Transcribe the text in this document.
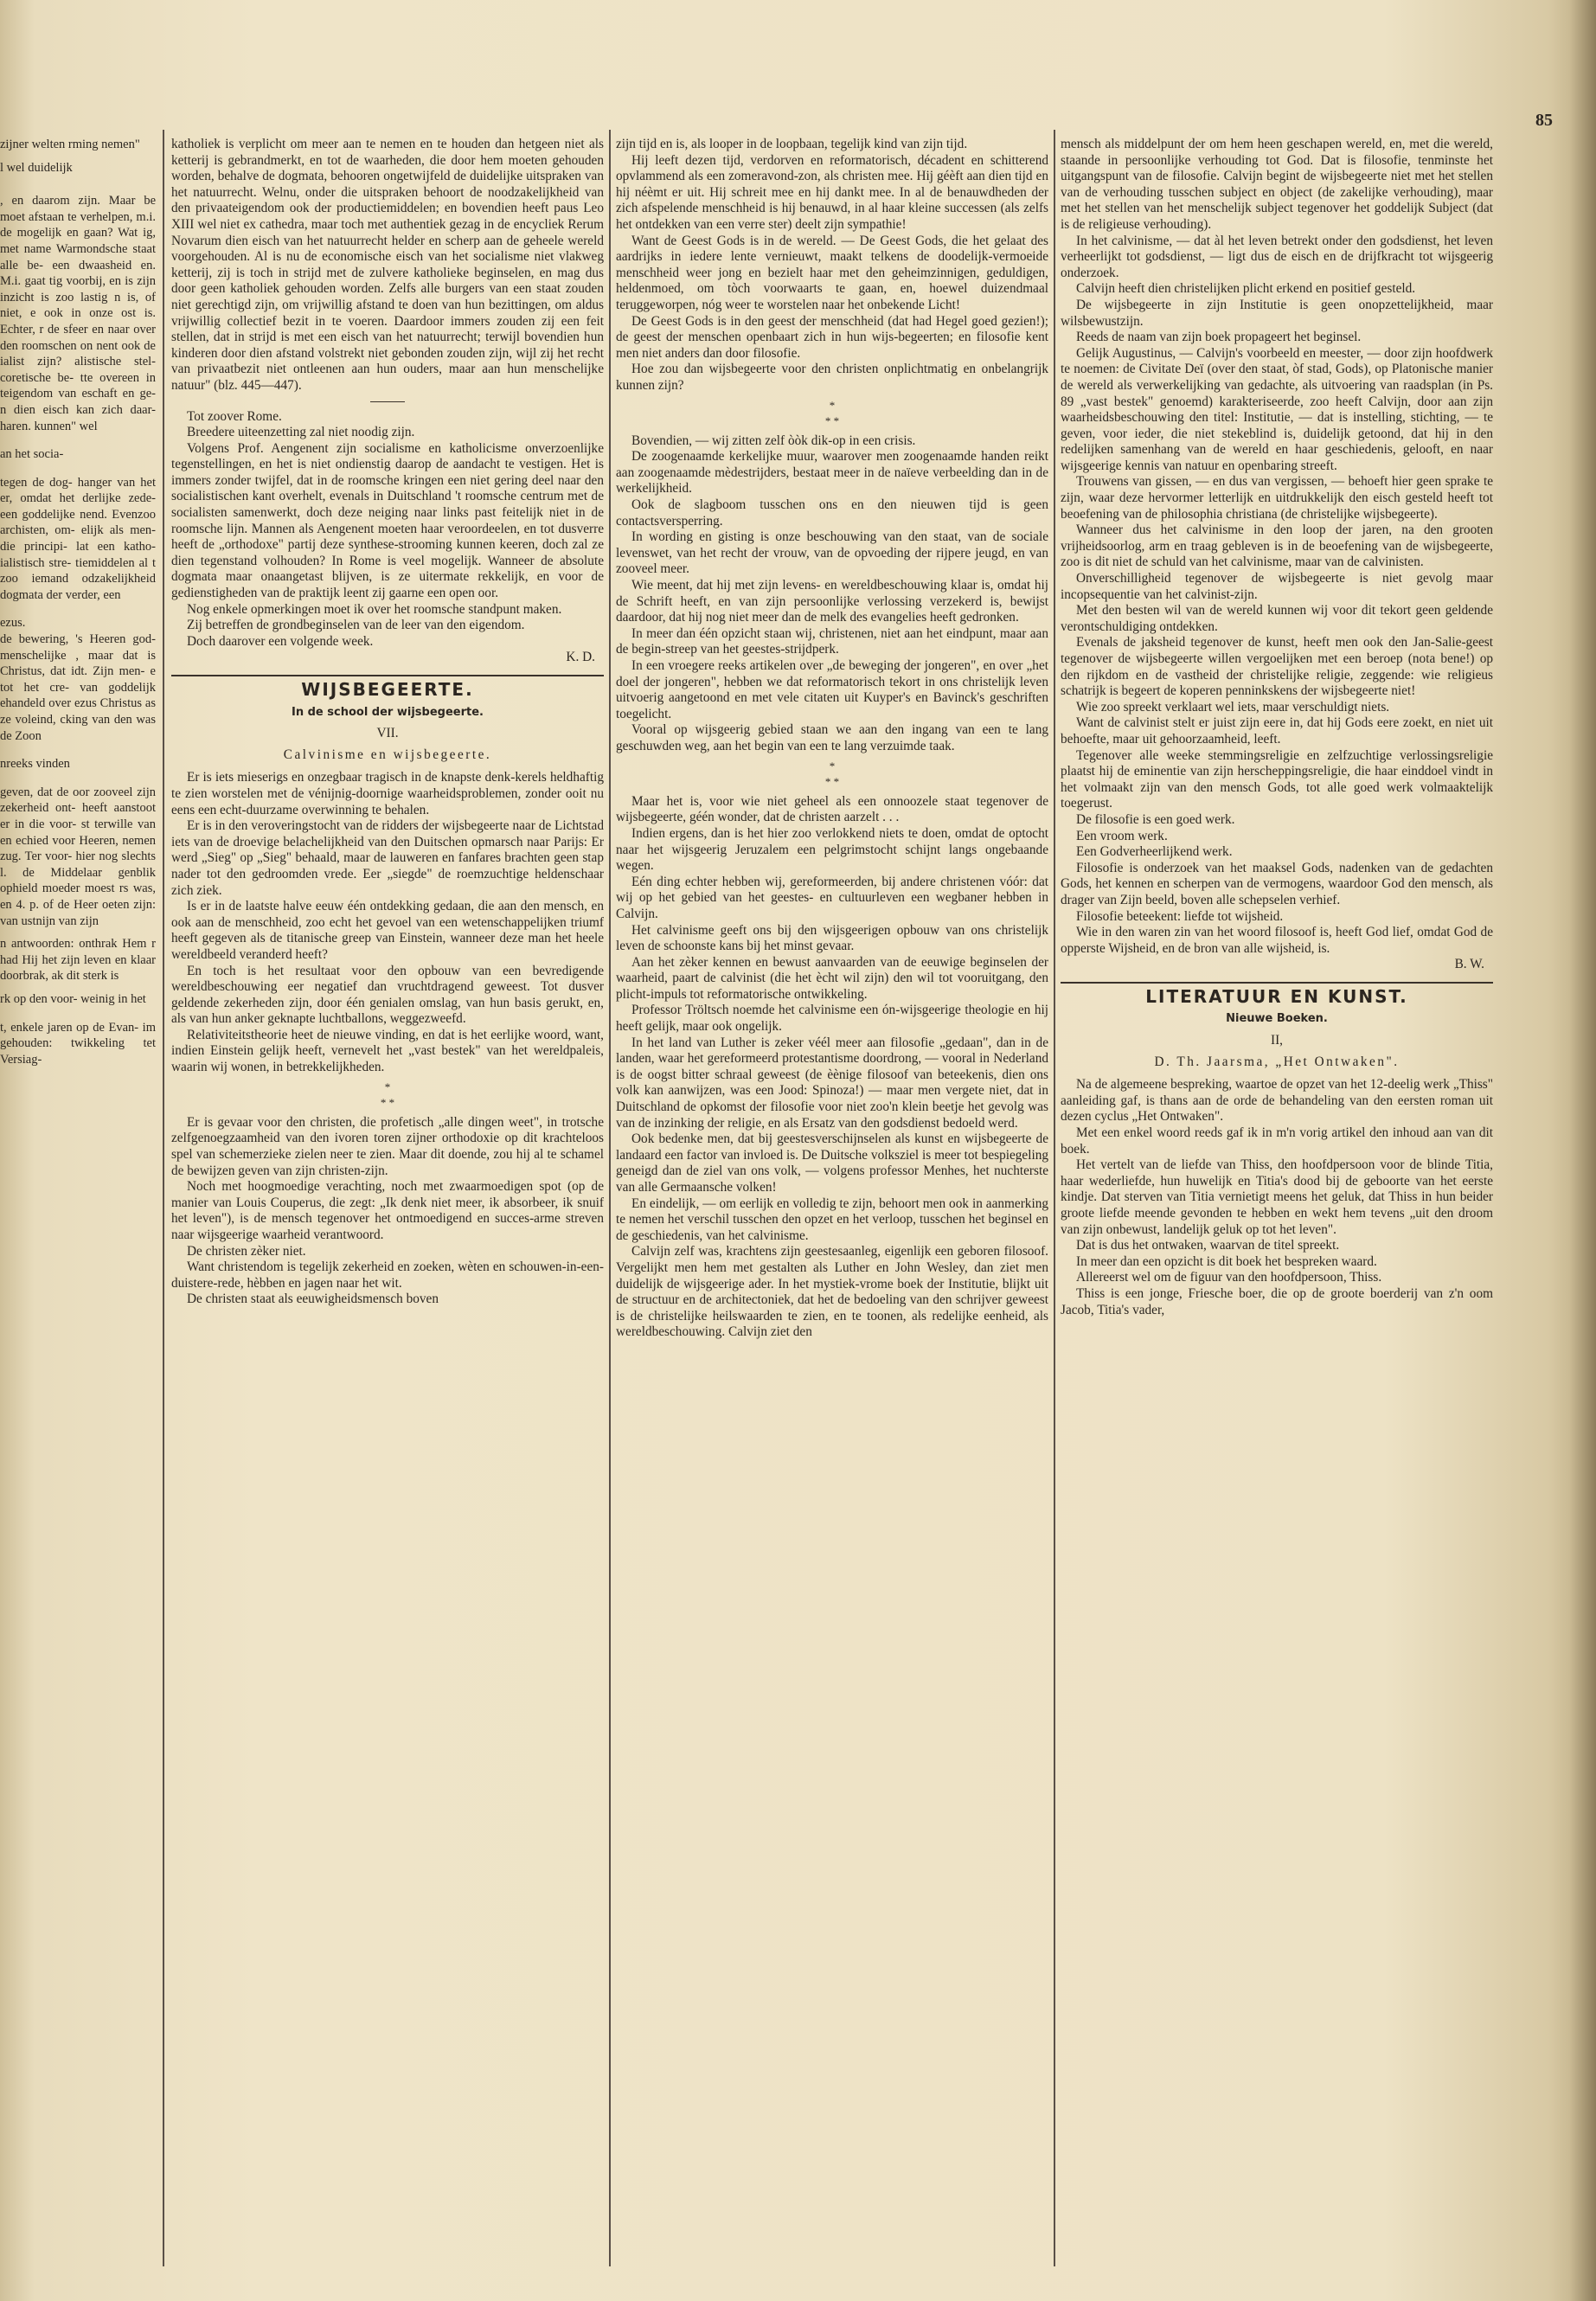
85

zijner welten rming nemen"

l wel duidelijk

, en daarom zijn. Maar be moet afstaan te verhelpen, m.i. de mogelijk en gaan? Wat ig, met name Warmondsche staat alle be- een dwaasheid en. M.i. gaat tig voorbij, en is zijn inzicht is zoo lastig n is, of niet, e ook in onze ost is. Echter, r de sfeer en naar over den roomschen on nent ook de ialist zijn? alistische stel- coretische be- tte overeen in teigendom van eschaft en ge- n dien eisch kan zich daar- haren. kunnen" wel

an het socia-

tegen de dog- hanger van het er, omdat het derlijke zede- een goddelijke nend. Evenzoo archisten, om- elijk als men- die principi- lat een katho- ialistisch stre- tiemiddelen al t zoo iemand odzakelijkheid dogmata der verder, een

ezus.

de bewering, 's Heeren god- menschelijke , maar dat is Christus, dat idt. Zijn men- e tot het cre- van goddelijk ehandeld over ezus Christus as ze voleind, cking van den was de Zoon

nreeks vinden

geven, dat de oor zooveel zijn zekerheid ont- heeft aanstoot er in die voor- st terwille van en echied voor Heeren, nemen zug. Ter voor- hier nog slechts l. de Middelaar genblik ophield moeder moest rs was, en 4. p. of de Heer oeten zijn: van ustnijn van zijn

n antwoorden: onthrak Hem r had Hij het zijn leven en klaar doorbrak, ak dit sterk is

rk op den voor- weinig in het

t, enkele jaren op de Evan- im gehouden: twikkeling tet Versiag-

katholiek is verplicht om meer aan te nemen en te houden dan hetgeen niet als ketterij is gebrandmerkt, en tot de waarheden, die door hem moeten gehouden worden, behalve de dogmata, behooren ongetwijfeld de duidelijke uitspraken van het natuurrecht. Welnu, onder die uitspraken behoort de noodzakelijkheid van den privaateigendom ook der productiemiddelen; en bovendien heeft paus Leo XIII wel niet ex cathedra, maar toch met authentiek gezag in de encycliek Rerum Novarum dien eisch van het natuurrecht helder en scherp aan de geheele wereld voorgehouden. Al is nu de economische eisch van het socialisme niet vlakweg ketterij, zij is toch in strijd met de zulvere katholieke beginselen, en mag dus door geen katholiek gehouden worden. Zelfs alle burgers van een staat zouden niet gerechtigd zijn, om vrijwillig afstand te doen van hun bezittingen, om aldus vrijwillig collectief bezit in te voeren. Daardoor immers zouden zij een feit stellen, dat in strijd is met een eisch van het natuurrecht; terwijl bovendien hun kinderen door dien afstand volstrekt niet gebonden zouden zijn, wijl zij het recht van privaatbezit niet ontleenen aan hun ouders, maar aan hun menschelijke natuur" (blz. 445—447).

Tot zoover Rome.

Breedere uiteenzetting zal niet noodig zijn.

Volgens Prof. Aengenent zijn socialisme en katholicisme onverzoenlijke tegenstellingen, en het is niet ondienstig daarop de aandacht te vestigen. Het is immers zonder twijfel, dat in de roomsche kringen een niet gering deel naar den socialistischen kant overhelt, evenals in Duitschland 't roomsche centrum met de socialisten samenwerkt, doch deze neiging naar links past feitelijk niet in de roomsche lijn. Mannen als Aengenent moeten haar veroordeelen, en tot dusverre heeft de „orthodoxe" partij deze synthese-strooming kunnen keeren, doch zal ze dien tegenstand volhouden? In Rome is veel mogelijk. Wanneer de absolute dogmata maar onaangetast blijven, is ze uitermate rekkelijk, en voor de gedienstigheden van de praktijk leent zij gaarne een open oor.

Nog enkele opmerkingen moet ik over het roomsche standpunt maken.

Zij betreffen de grondbeginselen van de leer van den eigendom.

Doch daarover een volgende week.

K. D.
WIJSBEGEERTE.
In de school der wijsbegeerte.
VII.
Calvinisme en wijsbegeerte.

Er is iets mieserigs en onzegbaar tragisch in de knapste denk-kerels heldhaftig te zien worstelen met de vénijnig-doornige waarheidsproblemen, zonder ooit nu eens een echt-duurzame overwinning te behalen.

Er is in den veroveringstocht van de ridders der wijsbegeerte naar de Lichtstad iets van de droevige belachelijkheid van den Duitschen opmarsch naar Parijs: Er werd „Sieg" op „Sieg" behaald, maar de lauweren en fanfares brachten geen stap nader tot den gedroomden vrede. Eer „siegde" de roemzuchtige heldenschaar zich ziek.

Is er in de laatste halve eeuw één ontdekking gedaan, die aan den mensch, en ook aan de menschheid, zoo echt het gevoel van een wetenschappelijken triumf heeft gegeven als de titanische greep van Einstein, wanneer deze man het heele wereldbeeld veranderd heeft?

En toch is het resultaat voor den opbouw van een bevredigende wereldbeschouwing eer negatief dan vruchtdragend geweest. Tot dusver geldende zekerheden zijn, door één genialen omslag, van hun basis gerukt, en, als van hun anker geknapte luchtballons, weggezweefd.

Relativiteitstheorie heet de nieuwe vinding, en dat is het eerlijke woord, want, indien Einstein gelijk heeft, vernevelt het „vast bestek" van het wereldpaleis, waarin wij wonen, in betrekkelijkheden.

*
* *

Er is gevaar voor den christen, die profetisch „alle dingen weet", in trotsche zelfgenoegzaamheid van den ivoren toren zijner orthodoxie op dit krachteloos spel van schemerzieke zielen neer te zien. Maar dit doende, zou hij al te schamel de bewijzen geven van zijn christen-zijn.

Noch met hoogmoedige verachting, noch met zwaarmoedigen spot (op de manier van Louis Couperus, die zegt: „Ik denk niet meer, ik absorbeer, ik snuif het leven"), is de mensch tegenover het ontmoedigend en succes-arme streven naar wijsgeerige waarheid verantwoord.

De christen zèker niet.

Want christendom is tegelijk zekerheid en zoeken, wèten en schouwen-in-een-duistere-rede, hèbben en jagen naar het wit.

De christen staat als eeuwigheidsmensch boven

zijn tijd en is, als looper in de loopbaan, tegelijk kind van zijn tijd.

Hij leeft dezen tijd, verdorven en reformatorisch, décadent en schitterend opvlammend als een zomeravond-zon, als christen mee. Hij géèft aan dien tijd en hij néèmt er uit. Hij schreit mee en hij dankt mee. In al de benauwdheden der zich afspelende menschheid is hij benauwd, in al haar kleine successen (als zelfs het ontdekken van een verre ster) deelt zijn sympathie!

Want de Geest Gods is in de wereld. — De Geest Gods, die het gelaat des aardrijks in iedere lente vernieuwt, maakt telkens de doodelijk-vermoeide menschheid weer jong en bezielt haar met den geheimzinnigen, geduldigen, heldenmoed, om tòch voorwaarts te gaan, en, hoewel duizendmaal teruggeworpen, nóg weer te worstelen naar het onbekende Licht!

De Geest Gods is in den geest der menschheid (dat had Hegel goed gezien!); de geest der menschen openbaart zich in hun wijs-begeerten; en filosofie kent men niet anders dan door filosofie.

Hoe zou dan wijsbegeerte voor den christen onplichtmatig en onbelangrijk kunnen zijn?

*
* *

Bovendien, — wij zitten zelf òòk dik-op in een crisis.

De zoogenaamde kerkelijke muur, waarover men zoogenaamde handen reikt aan zoogenaamde mèdestrijders, bestaat meer in de naïeve verbeelding dan in de werkelijkheid.

Ook de slagboom tusschen ons en den nieuwen tijd is geen contactsversperring.

In wording en gisting is onze beschouwing van den staat, van de sociale levenswet, van het recht der vrouw, van de opvoeding der rijpere jeugd, en van zooveel meer.

Wie meent, dat hij met zijn levens- en wereldbeschouwing klaar is, omdat hij de Schrift heeft, en van zijn persoonlijke verlossing verzekerd is, bewijst daardoor, dat hij nog niet meer dan de melk des evangelies heeft gedronken.

In meer dan één opzicht staan wij, christenen, niet aan het eindpunt, maar aan de begin-streep van het geestes-strijdperk.

In een vroegere reeks artikelen over „de beweging der jongeren", en over „het doel der jongeren", hebben we dat reformatorisch tekort in ons christelijk leven uitvoerig aangetoond en met vele citaten uit Kuyper's en Bavinck's geschriften toegelicht.

Vooral op wijsgeerig gebied staan we aan den ingang van een te lang geschuwden weg, aan het begin van een te lang verzuimde taak.

*
* *

Maar het is, voor wie niet geheel als een onnoozele staat tegenover de wijsbegeerte, géén wonder, dat de christen aarzelt . . .

Indien ergens, dan is het hier zoo verlokkend niets te doen, omdat de optocht naar het wijsgeerig Jeruzalem een pelgrimstocht schijnt langs ongebaande wegen.

Eén ding echter hebben wij, gereformeerden, bij andere christenen vóór: dat wij op het gebied van het geestes- en cultuurleven een wegbaner hebben in Calvijn.

Het calvinisme geeft ons bij den wijsgeerigen opbouw van ons christelijk leven de schoonste kans bij het minst gevaar.

Aan het zèker kennen en bewust aanvaarden van de eeuwige beginselen der waarheid, paart de calvinist (die het ècht wil zijn) den wil tot vooruitgang, den plicht-impuls tot reformatorische ontwikkeling.

Professor Tröltsch noemde het calvinisme een ón-wijsgeerige theologie en hij heeft gelijk, maar ook ongelijk.

In het land van Luther is zeker véél meer aan filosofie „gedaan", dan in de landen, waar het gereformeerd protestantisme doordrong, — vooral in Nederland is de oogst bitter schraal geweest (de èènige filosoof van beteekenis, dien ons volk kan aanwijzen, was een Jood: Spinoza!) — maar men vergete niet, dat in Duitschland de opkomst der filosofie voor niet zoo'n klein beetje het gevolg was van de inzinking der religie, en als Ersatz van den godsdienst bedoeld werd.

Ook bedenke men, dat bij geestesverschijnselen als kunst en wijsbegeerte de landaard een factor van invloed is. De Duitsche volksziel is meer tot bespiegeling geneigd dan de ziel van ons volk, — volgens professor Menhes, het nuchterste van alle Germaansche volken!

En eindelijk, — om eerlijk en volledig te zijn, behoort men ook in aanmerking te nemen het verschil tusschen den opzet en het verloop, tusschen het beginsel en de geschiedenis, van het calvinisme.

Calvijn zelf was, krachtens zijn geestesaanleg, eigenlijk een geboren filosoof. Vergelijkt men hem met gestalten als Luther en John Wesley, dan ziet men duidelijk de wijsgeerige ader. In het mystiek-vrome boek der Institutie, blijkt uit de structuur en de architectoniek, dat het de bedoeling van den schrijver geweest is de christelijke heilswaarden te zien, en te toonen, als redelijke eenheid, als wereldbeschouwing. Calvijn ziet den

mensch als middelpunt der om hem heen geschapen wereld, en, met die wereld, staande in persoonlijke verhouding tot God. Dat is filosofie, tenminste het uitgangspunt van de filosofie. Calvijn begint de wijsbegeerte niet met het stellen van de verhouding tusschen subject en object (de zakelijke verhouding), maar met het stellen van het menschelijk subject tegenover het goddelijk Subject (dat is de religieuse verhouding).

In het calvinisme, — dat àl het leven betrekt onder den godsdienst, het leven verheerlijkt tot godsdienst, — ligt dus de eisch en de drijfkracht tot wijsgeerig onderzoek.

Calvijn heeft dien christelijken plicht erkend en positief gesteld.

De wijsbegeerte in zijn Institutie is geen onopzettelijkheid, maar wilsbewustzijn.

Reeds de naam van zijn boek propageert het beginsel.

Gelijk Augustinus, — Calvijn's voorbeeld en meester, — door zijn hoofdwerk te noemen: de Civitate Deï (over den staat, òf stad, Gods), op Platonische manier de wereld als verwerkelijking van gedachte, als uitvoering van raadsplan (in Ps. 89 „vast bestek" genoemd) karakteriseerde, zoo heeft Calvijn, door aan zijn waarheidsbeschouwing den titel: Institutie, — dat is instelling, stichting, — te geven, voor ieder, die niet stekeblind is, duidelijk getoond, dat hij in den redelijken samenhang van de wereld en haar geschiedenis, gelooft, en naar wijsgeerige kennis van natuur en openbaring streeft.

Trouwens van gissen, — en dus van vergissen, — behoeft hier geen sprake te zijn, waar deze hervormer letterlijk en uitdrukkelijk den eisch gesteld heeft tot beoefening van de philosophia christiana (de christelijke wijsbegeerte).

Wanneer dus het calvinisme in den loop der jaren, na den grooten vrijheidsoorlog, arm en traag gebleven is in de beoefening van de wijsbegeerte, zoo is dit niet de schuld van het calvinisme, maar van de calvinisten.

Onverschilligheid tegenover de wijsbegeerte is niet gevolg maar incopsequentie van het calvinist-zijn.

Met den besten wil van de wereld kunnen wij voor dit tekort geen geldende verontschuldiging ontdekken.

Evenals de jaksheid tegenover de kunst, heeft men ook den Jan-Salie-geest tegenover de wijsbegeerte willen vergoelijken met een beroep (nota bene!) op den rijkdom en de vastheid der christelijke religie, zeggende: wie religieus schatrijk is begeert de koperen penninkskens der wijsbegeerte niet!

Wie zoo spreekt verklaart wel iets, maar verschuldigt niets.

Want de calvinist stelt er juist zijn eere in, dat hij Gods eere zoekt, en niet uit behoefte, maar uit gehoorzaamheid, leeft.

Tegenover alle weeke stemmingsreligie en zelfzuchtige verlossingsreligie plaatst hij de eminentie van zijn herscheppingsreligie, die haar einddoel vindt in het volmaakt zijn van den mensch Gods, tot alle goed werk volmaaktelijk toegerust.

De filosofie is een goed werk.

Een vroom werk.

Een Godverheerlijkend werk.

Filosofie is onderzoek van het maaksel Gods, nadenken van de gedachten Gods, het kennen en scherpen van de vermogens, waardoor God den mensch, als drager van Zijn beeld, boven alle schepselen verhief.

Filosofie beteekent: liefde tot wijsheid.

Wie in den waren zin van het woord filosoof is, heeft God lief, omdat God de opperste Wijsheid, en de bron van alle wijsheid, is.

B. W.
LITERATUUR EN KUNST.
Nieuwe Boeken.
II,
D. Th. Jaarsma, „Het Ontwaken".

Na de algemeene bespreking, waartoe de opzet van het 12-deelig werk „Thiss" aanleiding gaf, is thans aan de orde de behandeling van den eersten roman uit dezen cyclus „Het Ontwaken".

Met een enkel woord reeds gaf ik in m'n vorig artikel den inhoud aan van dit boek.

Het vertelt van de liefde van Thiss, den hoofdpersoon voor de blinde Titia, haar wederliefde, hun huwelijk en Titia's dood bij de geboorte van het eerste kindje. Dat sterven van Titia vernietigt meens het geluk, dat Thiss in hun beider groote liefde meende gevonden te hebben en wekt hem tevens „uit den droom van zijn onbewust, landelijk geluk op tot het leven".

Dat is dus het ontwaken, waarvan de titel spreekt.

In meer dan een opzicht is dit boek het bespreken waard.

Allereerst wel om de figuur van den hoofdpersoon, Thiss.

Thiss is een jonge, Friesche boer, die op de groote boerderij van z'n oom Jacob, Titia's vader,
